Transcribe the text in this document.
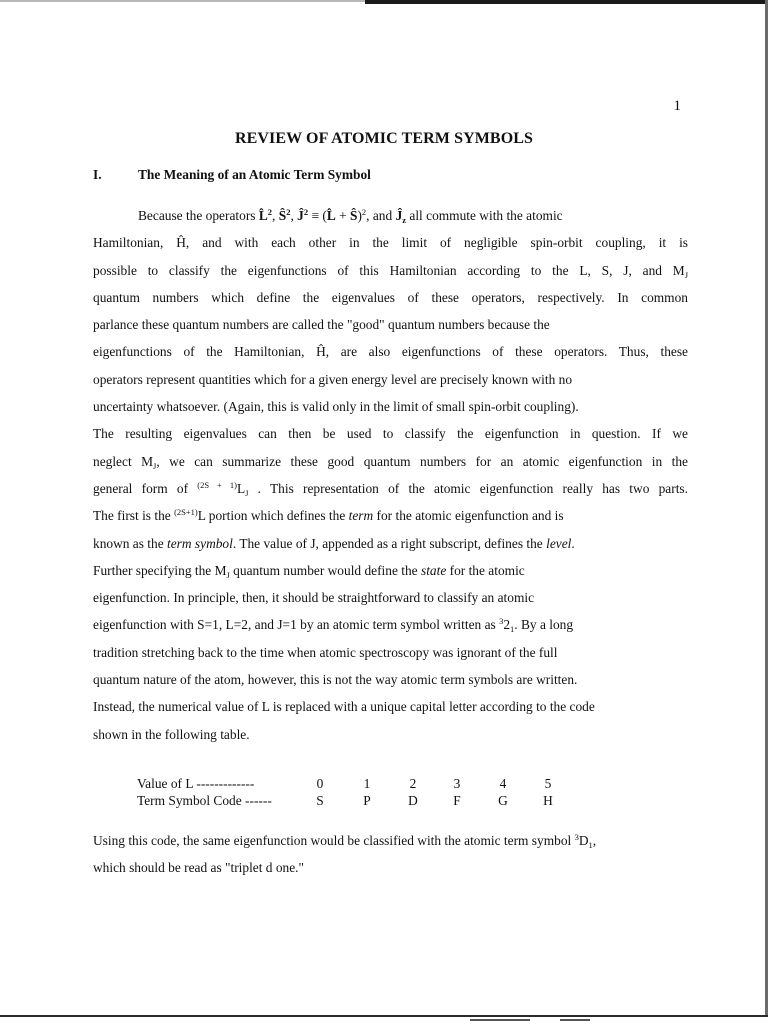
1
REVIEW OF ATOMIC TERM SYMBOLS
I.	The Meaning of an Atomic Term Symbol
Because the operators L̂$^2$, $Ŝ^2$, $Ĵ^2$ ≡ (L̂ + Ŝ)$^2$, and $Ĵ_z$ all commute with the atomic
Hamiltonian, Ĥ, and with each other in the limit of negligible spin-orbit coupling, it is
possible to classify the eigenfunctions of this Hamiltonian according to the L, S, J, and $M_J$
quantum numbers which define the eigenvalues of these operators, respectively. In common
parlance these quantum numbers are called the "good" quantum numbers because the
eigenfunctions of the Hamiltonian, Ĥ, are also eigenfunctions of these operators. Thus, these
operators represent quantities which for a given energy level are precisely known with no
uncertainty whatsoever. (Again, this is valid only in the limit of small spin-orbit coupling).
The resulting eigenvalues can then be used to classify the eigenfunction in question. If we
neglect $M_J$, we can summarize these good quantum numbers for an atomic eigenfunction in the
general form of $^{(2S + 1)}L_J$ . This representation of the atomic eigenfunction really has two parts.
The first is the $^{(2S+1)}$L portion which defines the term for the atomic eigenfunction and is
known as the term symbol. The value of J, appended as a right subscript, defines the level.
Further specifying the $M_J$ quantum number would define the state for the atomic
eigenfunction. In principle, then, it should be straightforward to classify an atomic
eigenfunction with S=1, L=2, and J=1 by an atomic term symbol written as $^32_1$. By a long
tradition stretching back to the time when atomic spectroscopy was ignorant of the full
quantum nature of the atom, however, this is not the way atomic term symbols are written.
Instead, the numerical value of L is replaced with a unique capital letter according to the code
shown in the following table.
Value of L -------------	0	1	2	3	4	5
Term Symbol Code ------	S	P	D	F	G	H
Using this code, the same eigenfunction would be classified with the atomic term symbol $^3D_1$,
which should be read as "triplet d one."
